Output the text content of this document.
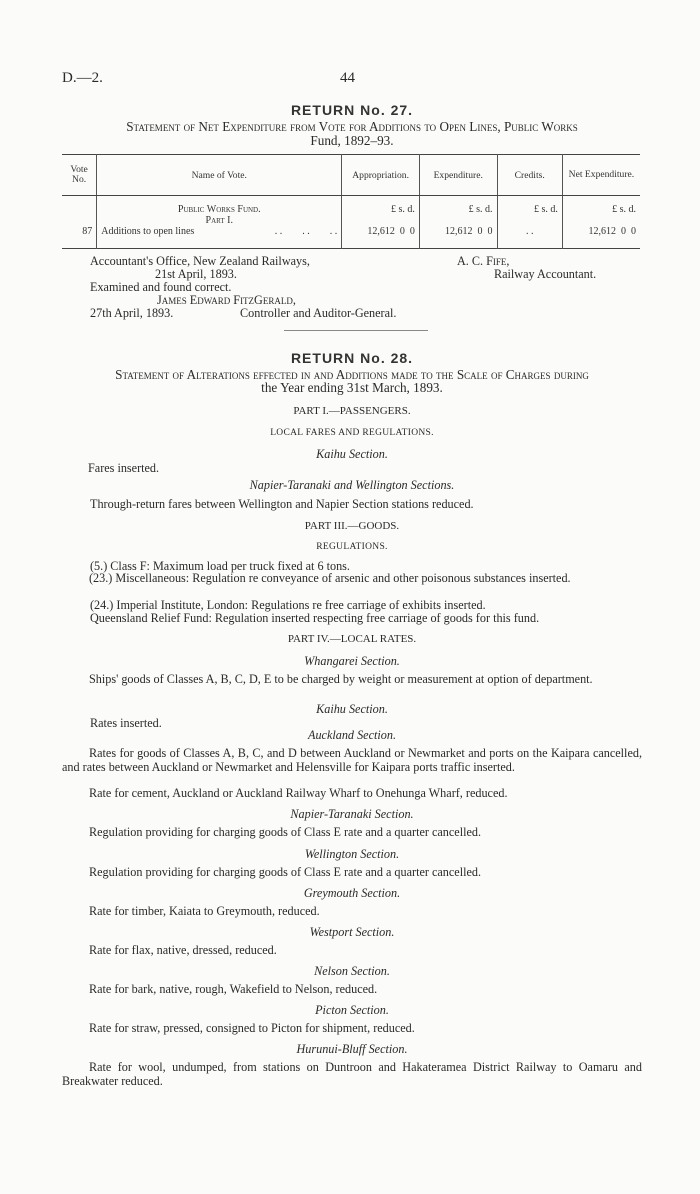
D.—2.	44
RETURN No. 27.
Statement of Net Expenditure from Vote for Additions to Open Lines, Public Works
Fund, 1892–93.
Vote No.	Name of Vote.	Appropriation.	Expenditure.	Credits.	Net Expenditure.
	Public Works Fund.	£ s. d.	£ s. d.	£ s. d.	£ s. d.
	Part I.				
87	Additions to open lines . .        . .        . .	12,612  0  0	12,612  0  0	. .	12,612  0  0
Accountant's Office, New Zealand Railways,
21st April, 1893.
Examined and found correct.
James Edward FitzGerald,
27th April, 1893.	Controller and Auditor-General.
A. C. Fife,
Railway Accountant.
RETURN No. 28.
Statement of Alterations effected in and Additions made to the Scale of Charges during
the Year ending 31st March, 1893.
PART I.—PASSENGERS.
LOCAL FARES AND REGULATIONS.
Kaihu Section.
Fares inserted.
Napier-Taranaki and Wellington Sections.
Through-return fares between Wellington and Napier Section stations reduced.
PART III.—GOODS.
REGULATIONS.
(5.) Class F: Maximum load per truck fixed at 6 tons.
(23.) Miscellaneous: Regulation re conveyance of arsenic and other poisonous substances inserted.
(24.) Imperial Institute, London: Regulations re free carriage of exhibits inserted.
Queensland Relief Fund: Regulation inserted respecting free carriage of goods for this fund.
PART IV.—LOCAL RATES.
Whangarei Section.
Ships' goods of Classes A, B, C, D, E to be charged by weight or measurement at option of department.
Kaihu Section.
Rates inserted.
Auckland Section.
Rates for goods of Classes A, B, C, and D between Auckland or Newmarket and ports on the Kaipara cancelled, and rates between Auckland or Newmarket and Helensville for Kaipara ports traffic inserted.
Rate for cement, Auckland or Auckland Railway Wharf to Onehunga Wharf, reduced.
Napier-Taranaki Section.
Regulation providing for charging goods of Class E rate and a quarter cancelled.
Wellington Section.
Regulation providing for charging goods of Class E rate and a quarter cancelled.
Greymouth Section.
Rate for timber, Kaiata to Greymouth, reduced.
Westport Section.
Rate for flax, native, dressed, reduced.
Nelson Section.
Rate for bark, native, rough, Wakefield to Nelson, reduced.
Picton Section.
Rate for straw, pressed, consigned to Picton for shipment, reduced.
Hurunui-Bluff Section.
Rate for wool, undumped, from stations on Duntroon and Hakateramea District Railway to Oamaru and Breakwater reduced.
